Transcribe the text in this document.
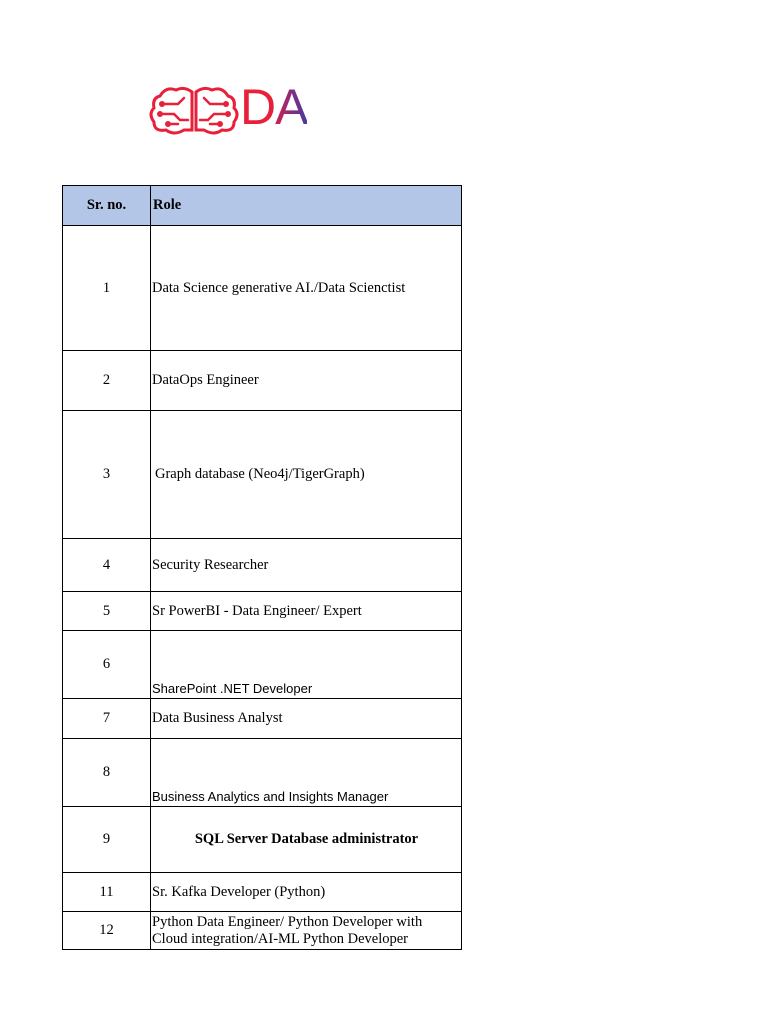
DA
Sr. no.	Role
1	Data Science generative AI./Data Scienctist
2	DataOps Engineer
3	Graph database (Neo4j/TigerGraph)
4	Security Researcher
5	Sr PowerBI - Data Engineer/ Expert
6	SharePoint .NET Developer
7	Data Business Analyst
8	Business Analytics and Insights Manager
9	SQL Server Database administrator
11	Sr. Kafka Developer (Python)
12	Python Data Engineer/ Python Developer with Cloud integration/AI-ML Python Developer
